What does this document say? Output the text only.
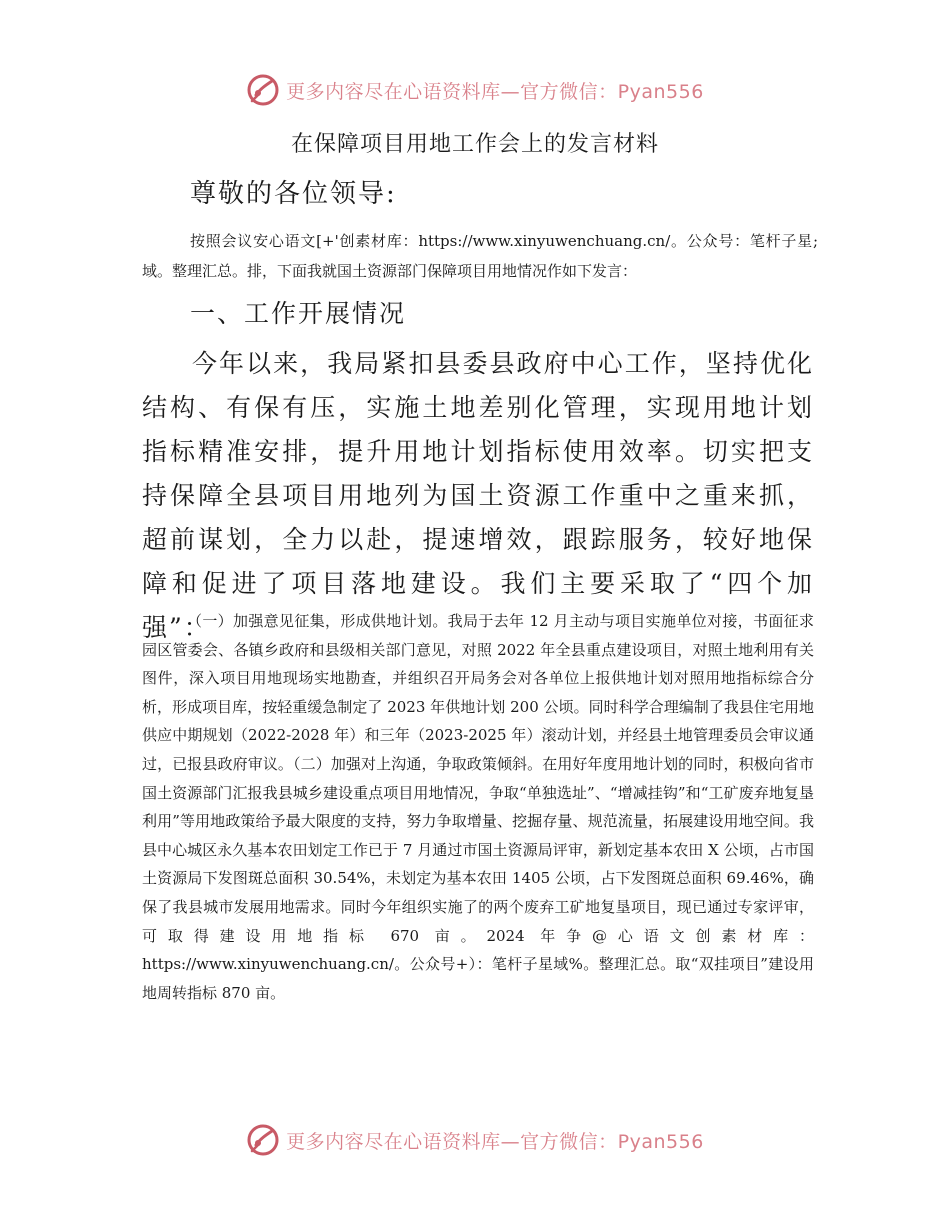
更多内容尽在心语资料库—官方微信：Pyan556
在保障项目用地工作会上的发言材料
尊敬的各位领导:

按照会议安心语文[+'创素材库：https://www.xinyuwenchuang.cn/。公众号：笔杆子星;域。整理汇总。排，下面我就国土资源部门保障项目用地情况作如下发言：

一、工作开展情况

今年以来，我局紧扣县委县政府中心工作，坚持优化结构、有保有压，实施土地差别化管理，实现用地计划指标精准安排，提升用地计划指标使用效率。切实把支持保障全县项目用地列为国土资源工作重中之重来抓，超前谋划，全力以赴，提速增效，跟踪服务，较好地保障和促进了项目落地建设。我们主要采取了“四个加强”：

（一）加强意见征集，形成供地计划。我局于去年 12 月主动与项目实施单位对接，书面征求园区管委会、各镇乡政府和县级相关部门意见，对照 2022 年全县重点建设项目，对照土地利用有关图件，深入项目用地现场实地勘查，并组织召开局务会对各单位上报供地计划对照用地指标综合分析，形成项目库，按轻重缓急制定了 2023 年供地计划 200 公顷。同时科学合理编制了我县住宅用地供应中期规划（2022-2028 年）和三年（2023-2025 年）滚动计划，并经县土地管理委员会审议通过，已报县政府审议。（二）加强对上沟通，争取政策倾斜。在用好年度用地计划的同时，积极向省市国土资源部门汇报我县城乡建设重点项目用地情况，争取“单独选址”、“增减挂钩”和“工矿废弃地复垦利用”等用地政策给予最大限度的支持，努力争取增量、挖掘存量、规范流量，拓展建设用地空间。我县中心城区永久基本农田划定工作已于 7 月通过市国土资源局评审，新划定基本农田 X 公顷，占市国土资源局下发图斑总面积 30.54%，未划定为基本农田 1405 公顷，占下发图斑总面积 69.46%，确保了我县城市发展用地需求。同时今年组织实施了的两个废弃工矿地复垦项目，现已通过专家评审，可取得建设用地指标 670 亩。2024 年争@心语文创素材库：https://www.xinyuwenchuang.cn/。公众号+）：笔杆子星域%。整理汇总。取“双挂项目”建设用地周转指标 870 亩。

更多内容尽在心语资料库—官方微信：Pyan556
